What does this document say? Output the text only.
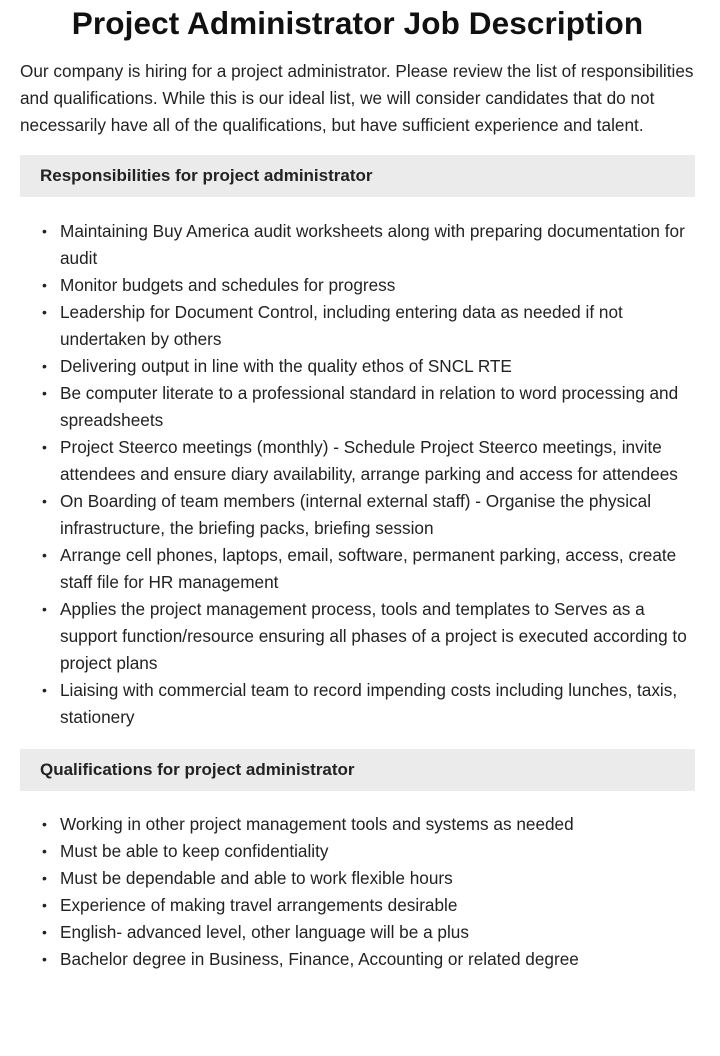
Project Administrator Job Description

Our company is hiring for a project administrator. Please review the list of responsibilities and qualifications. While this is our ideal list, we will consider candidates that do not necessarily have all of the qualifications, but have sufficient experience and talent.

Responsibilities for project administrator
• Maintaining Buy America audit worksheets along with preparing documentation for audit
• Monitor budgets and schedules for progress
• Leadership for Document Control, including entering data as needed if not undertaken by others
• Delivering output in line with the quality ethos of SNCL RTE
• Be computer literate to a professional standard in relation to word processing and spreadsheets
• Project Steerco meetings (monthly) - Schedule Project Steerco meetings, invite attendees and ensure diary availability, arrange parking and access for attendees
• On Boarding of team members (internal external staff) - Organise the physical infrastructure, the briefing packs, briefing session
• Arrange cell phones, laptops, email, software, permanent parking, access, create staff file for HR management
• Applies the project management process, tools and templates to Serves as a support function/resource ensuring all phases of a project is executed according to project plans
• Liaising with commercial team to record impending costs including lunches, taxis, stationery
Qualifications for project administrator
• Working in other project management tools and systems as needed
• Must be able to keep confidentiality
• Must be dependable and able to work flexible hours
• Experience of making travel arrangements desirable
• English- advanced level, other language will be a plus
• Bachelor degree in Business, Finance, Accounting or related degree
